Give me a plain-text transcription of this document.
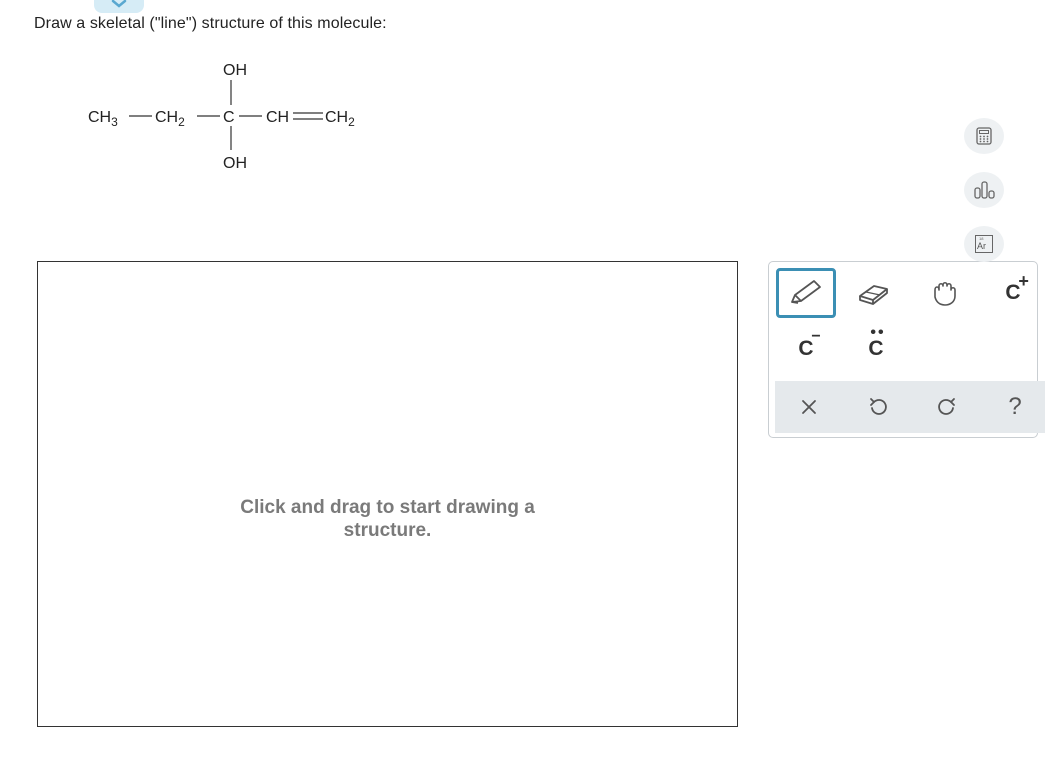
Draw a skeletal ("line") structure of this molecule:
OH
$CH_3$ $CH_2$ C CH $CH_2$
OH
Click and drag to start drawing a
structure.
C
+
C
−	••
C
?
18
Ar
